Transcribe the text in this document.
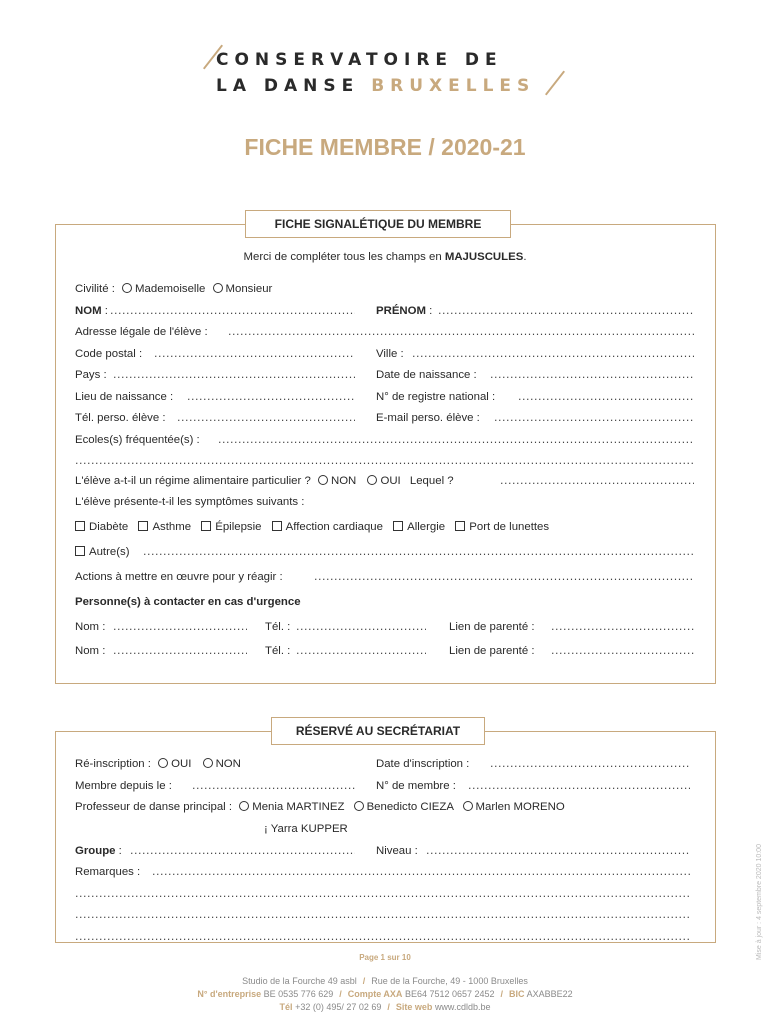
CONSERVATOIRE DE
LA DANSE BRUXELLES
FICHE MEMBRE / 2020-21
FICHE SIGNALÉTIQUE DU MEMBRE
Merci de compléter tous les champs en MAJUSCULES.
Civilité : Mademoiselle Monsieur
NOM : .....	PRÉNOM :
.....
Adresse légale de l'élève :
.....
Code postal : .....	Ville :
.....
Pays : .....	Date de naissance :
.....
Lieu de naissance : .....	N° de registre national :
.....
Tél. perso. élève : .....	E-mail perso. élève :
.....
Ecoles(s) fréquentée(s) :
.....
.....
L'élève a-t-il un régime alimentaire particulier ? NON OUI Lequel ?
.....
L'élève présente-t-il les symptômes suivants :
Diabète Asthme Épilepsie Affection cardiaque Allergie Port de lunettes
Autre(s)
.....
Actions à mettre en œuvre pour y réagir :
.....
Personne(s) à contacter en cas d'urgence
Nom : .....	Tél. : .....	Lien de parenté :
.....
Nom : .....	Tél. : .....	Lien de parenté :
.....
RÉSERVÉ AU SECRÉTARIAT
Ré-inscription : OUI NON	Date d'inscription :
.....
Membre depuis le : .....	N° de membre :
.....
Professeur de danse principal : Menia MARTINEZ Benedicto CIEZA Marlen MORENO
¡ Yarra KUPPER
Groupe : .....	Niveau :
.....
Remarques : ..... ..... ..... .....	Mise à jour : 4 septembre 2020 10:00
Page 1 sur 10
Studio de la Fourche 49 asbl / Rue de la Fourche, 49 - 1000 Bruxelles
N° d'entreprise BE 0535 776 629 / Compte AXA BE64 7512 0657 2452 / BIC AXABBE22
Tél +32 (0) 495/ 27 02 69 / Site web www.cdldb.be
